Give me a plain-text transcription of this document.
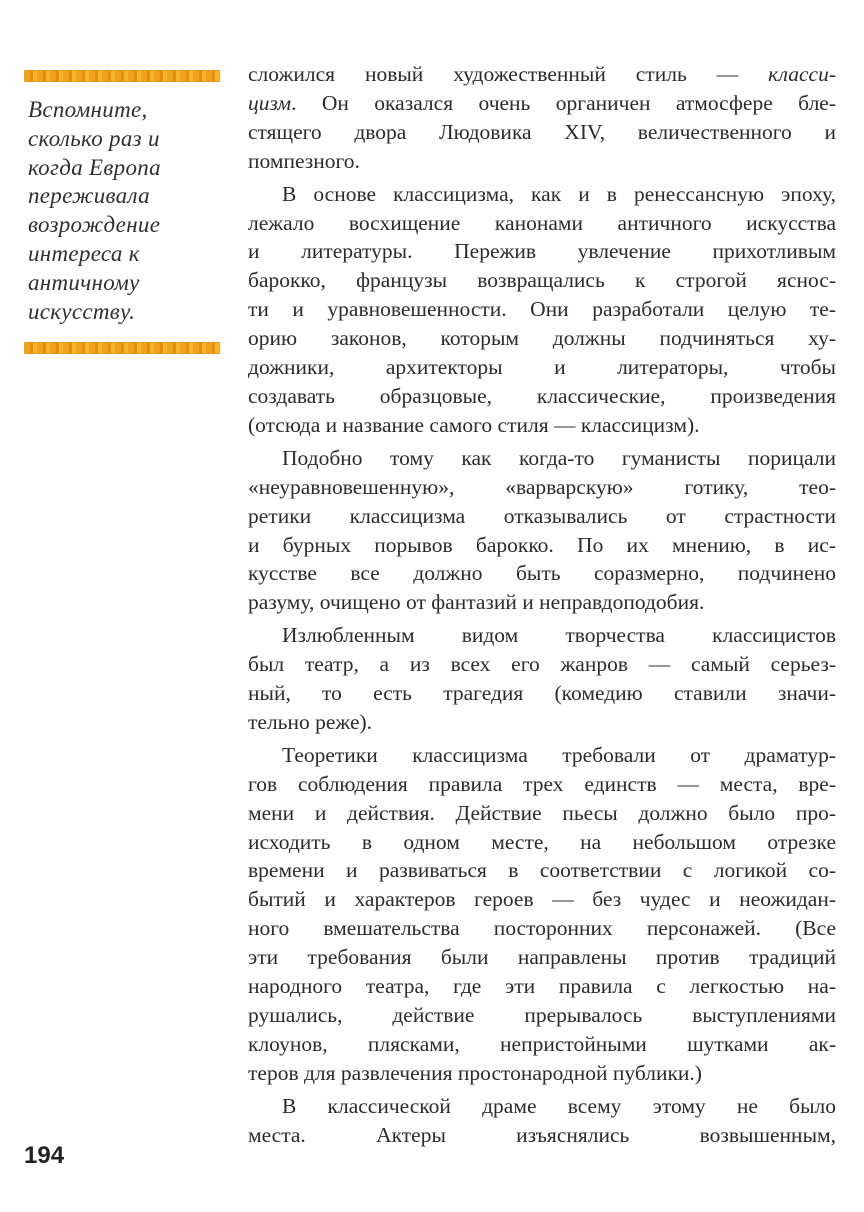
Вспомните,
сколько раз и
когда Европа
переживала
возрождение
интереса к
античному
искусству.

сложился новый художественный стиль — класси-
цизм. Он оказался очень органичен атмосфере бле-
стящего двора Людовика XIV, величественного и
помпезного.

В основе классицизма, как и в ренессансную эпоху,
лежало восхищение канонами античного искусства
и литературы. Пережив увлечение прихотливым
барокко, французы возвращались к строгой яснос-
ти и уравновешенности. Они разработали целую те-
орию законов, которым должны подчиняться ху-
дожники, архитекторы и литераторы, чтобы
создавать образцовые, классические, произведения
(отсюда и название самого стиля — классицизм).

Подобно тому как когда-то гуманисты порицали
«неуравновешенную», «варварскую» готику, тео-
ретики классицизма отказывались от страстности
и бурных порывов барокко. По их мнению, в ис-
кусстве все должно быть соразмерно, подчинено
разуму, очищено от фантазий и неправдоподобия.

Излюбленным видом творчества классицистов
был театр, а из всех его жанров — самый серьез-
ный, то есть трагедия (комедию ставили значи-
тельно реже).

Теоретики классицизма требовали от драматур-
гов соблюдения правила трех единств — места, вре-
мени и действия. Действие пьесы должно было про-
исходить в одном месте, на небольшом отрезке
времени и развиваться в соответствии с логикой со-
бытий и характеров героев — без чудес и неожидан-
ного вмешательства посторонних персонажей. (Все
эти требования были направлены против традиций
народного театра, где эти правила с легкостью на-
рушались, действие прерывалось выступлениями
клоунов, плясками, непристойными шутками ак-
теров для развлечения простонародной публики.)

В классической драме всему этому не было
места. Актеры изъяснялись возвышенным,

194
